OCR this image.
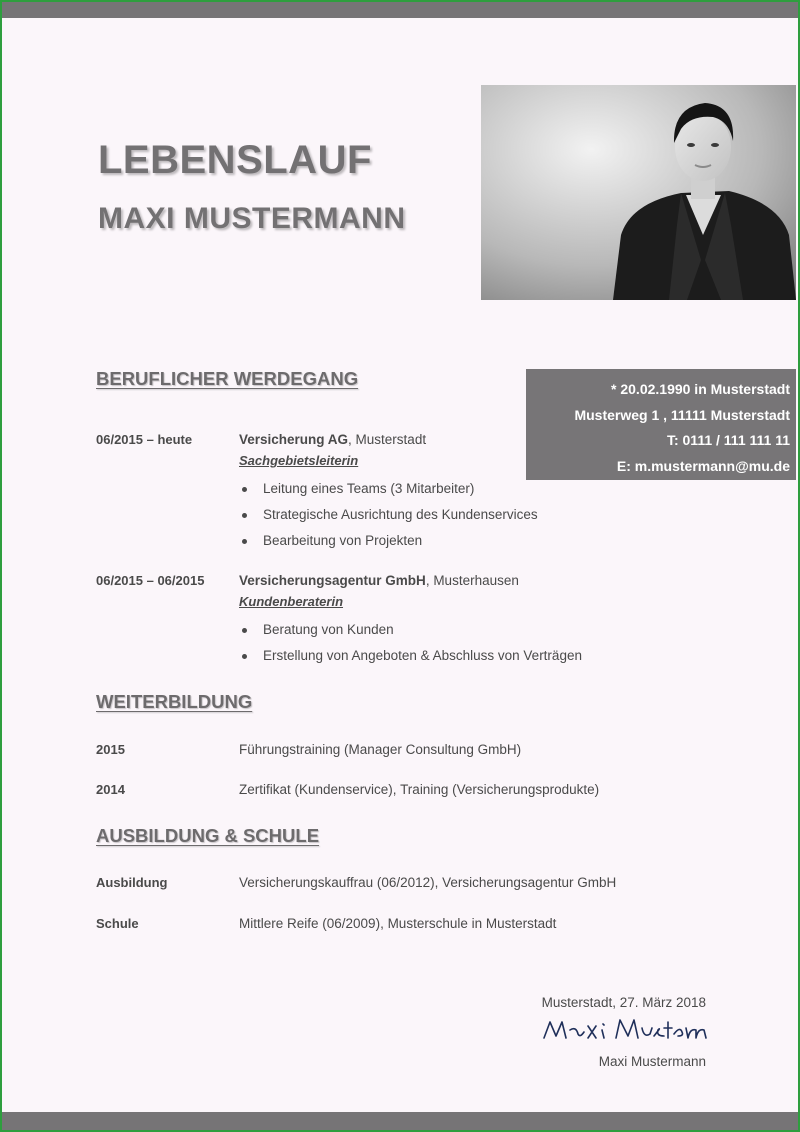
LEBENSLAUF
MAXI MUSTERMANN
* 20.02.1990 in Musterstadt
Musterweg 1 , 11111 Musterstadt
T: 0111 / 111 111 11
E: m.mustermann@mu.de
BERUFLICHER WERDEGANG
06/2015 – heute	Versicherung AG, Musterstadt
Sachgebietsleiterin
Leitung eines Teams (3 Mitarbeiter)
Strategische Ausrichtung des Kundenservices
Bearbeitung von Projekten
06/2015 – 06/2015	Versicherungsagentur GmbH, Musterhausen
Kundenberaterin
Beratung von Kunden
Erstellung von Angeboten & Abschluss von Verträgen
WEITERBILDUNG
2015	Führungstraining (Manager Consultung GmbH)
2014	Zertifikat (Kundenservice), Training (Versicherungsprodukte)
AUSBILDUNG & SCHULE
Ausbildung	Versicherungskauffrau (06/2012), Versicherungsagentur GmbH
Schule	Mittlere Reife (06/2009), Musterschule in Musterstadt
Musterstadt, 27. März 2018
Maxi Mustermann
